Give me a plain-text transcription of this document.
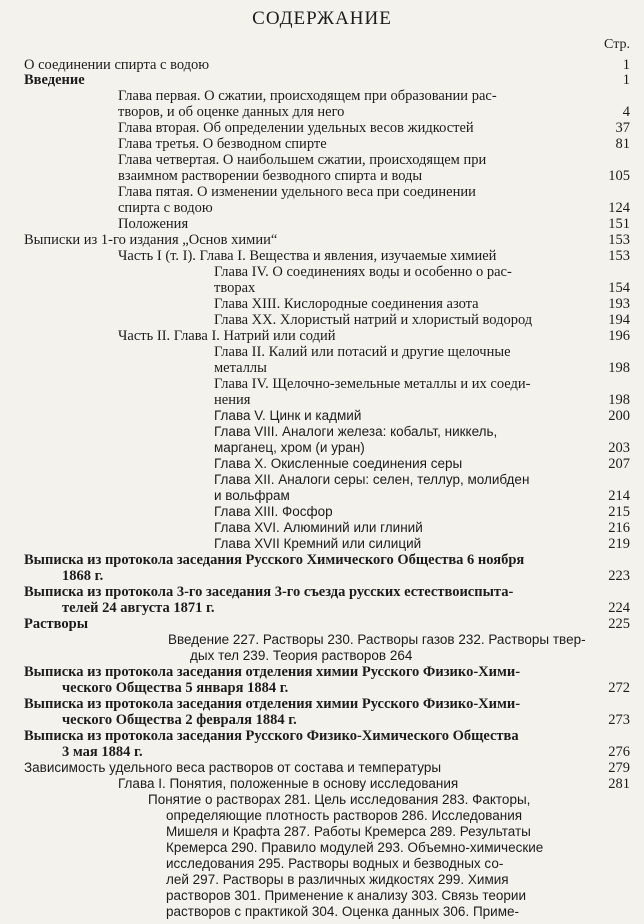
СОДЕРЖАНИЕ
Стр.
О соединении спирта с водою	1
Введение	1
Глава первая. О сжатии, происходящем при образовании рас-
творов, и об оценке данных для него	4
Глава вторая. Об определении удельных весов жидкостей	37
Глава третья. О безводном спирте	81
Глава четвертая. О наибольшем сжатии, происходящем при
взаимном растворении безводного спирта и воды	105
Глава пятая. О изменении удельного веса при соединении
спирта с водою	124
Положения	151
Выписки из 1-го издания „Основ химии“	153
Часть I (т. I). Глава I. Вещества и явления, изучаемые химией	153
Глава IV. О соединениях воды и особенно о рас-
творах	154
Глава XIII. Кислородные соединения азота	193
Глава XX. Хлористый натрий и хлористый водород	194
Часть II. Глава I. Натрий или содий	196
Глава II. Калий или потасий и другие щелочные
металлы	198
Глава IV. Щелочно-земельные металлы и их соеди-
нения	198
Глава V. Цинк и кадмий	200
Глава VIII. Аналоги железа: кобальт, никкель,
марганец, хром (и уран)	203
Глава X. Окисленные соединения серы	207
Глава XII. Аналоги серы: селен, теллур, молибден
и вольфрам	214
Глава XIII. Фосфор	215
Глава XVI. Алюминий или глиний	216
Глава XVII Кремний или силиций	219
Выписка из протокола заседания Русского Химического Общества 6 ноября
1868 г.	223
Выписка из протокола 3-го заседания 3-го съезда русских естествоиспыта-
телей 24 августа 1871 г.	224
Растворы	225
Введение 227. Растворы 230. Растворы газов 232. Растворы твер-
дых тел 239. Теория растворов 264
Выписка из протокола заседания отделения химии Русского Физико-Хими-
ческого Общества 5 января 1884 г.	272
Выписка из протокола заседания отделения химии Русского Физико-Хими-
ческого Общества 2 февраля 1884 г.	273
Выписка из протокола заседания Русского Физико-Химического Общества
3 мая 1884 г.	276
Зависимость удельного веса растворов от состава и температуры	279
Глава I. Понятия, положенные в основу исследования	281
Понятие о растворах 281. Цель исследования 283. Факторы,
определяющие плотность растворов 286. Исследования
Мишеля и Крафта 287. Работы Кремерса 289. Результаты
Кремерса 290. Правило модулей 293. Объемно-химические
исследования 295. Растворы водных и безводных со-
лей 297. Растворы в различных жидкостях 299. Химия
растворов 301. Применение к анализу 303. Связь теории
растворов с практикой 304. Оценка данных 306. Приме-
